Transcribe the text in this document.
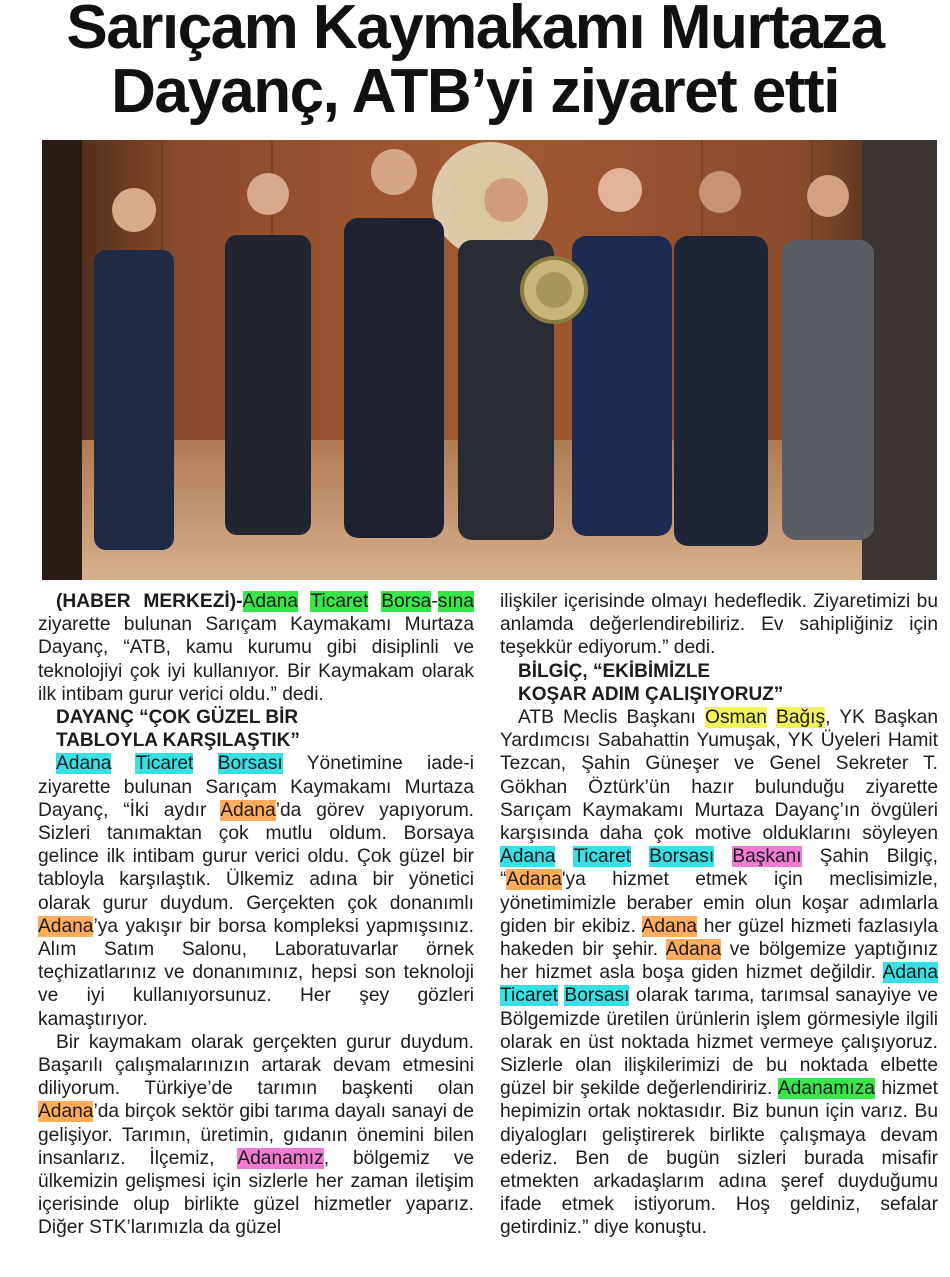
Sarıçam Kaymakamı Murtaza
Dayanç, ATB’yi ziyaret etti

(HABER MERKEZİ)-Adana Ticaret Borsa-sına ziyarette bulunan Sarıçam Kaymakamı Murtaza Dayanç, “ATB, kamu kurumu gibi disiplinli ve teknolojiyi çok iyi kullanıyor. Bir Kaymakam olarak ilk intibam gurur verici oldu.” dedi.

DAYANÇ “ÇOK GÜZEL BİR
TABLOYLA KARŞILAŞTIK”

Adana Ticaret Borsası Yönetimine iade-i ziyarette bulunan Sarıçam Kaymakamı Murtaza Dayanç, “İki aydır Adana’da görev yapıyorum. Sizleri tanımaktan çok mutlu oldum. Borsaya gelince ilk intibam gurur verici oldu. Çok güzel bir tabloyla karşılaştık. Ülkemiz adına bir yönetici olarak gurur duydum. Gerçekten çok donanımlı Adana’ya yakışır bir borsa kompleksi yapmışsınız. Alım Satım Salonu, Laboratuvarlar örnek teçhizatlarınız ve donanımınız, hepsi son teknoloji ve iyi kullanıyorsunuz. Her şey gözleri kamaştırıyor.

Bir kaymakam olarak gerçekten gurur duydum. Başarılı çalışmalarınızın artarak devam etmesini diliyorum. Türkiye’de tarımın başkenti olan Adana’da birçok sektör gibi tarıma dayalı sanayi de gelişiyor. Tarımın, üretimin, gıdanın önemini bilen insanlarız. İlçemiz, Adanamız, bölgemiz ve ülkemizin gelişmesi için sizlerle her zaman iletişim içerisinde olup birlikte güzel hizmetler yaparız. Diğer STK’larımızla da güzel

ilişkiler içerisinde olmayı hedefledik. Ziyaretimizi bu anlamda değerlendirebiliriz. Ev sahipliğiniz için teşekkür ediyorum.” dedi.

BİLGİÇ, “EKİBİMİZLE
KOŞAR ADIM ÇALIŞIYORUZ”

ATB Meclis Başkanı Osman Bağış, YK Başkan Yardımcısı Sabahattin Yumuşak, YK Üyeleri Hamit Tezcan, Şahin Güneşer ve Genel Sekreter T. Gökhan Öztürk’ün hazır bulunduğu ziyarette Sarıçam Kaymakamı Murtaza Dayanç’ın övgüleri karşısında daha çok motive olduklarını söyleyen Adana Ticaret Borsası Başkanı Şahin Bilgiç, “Adana'ya hizmet etmek için meclisimizle, yönetimimizle beraber emin olun koşar adımlarla giden bir ekibiz. Adana her güzel hizmeti fazlasıyla hakeden bir şehir. Adana ve bölgemize yaptığınız her hizmet asla boşa giden hizmet değildir. Adana Ticaret Borsası olarak tarıma, tarımsal sanayiye ve Bölgemizde üretilen ürünlerin işlem görmesiyle ilgili olarak en üst noktada hizmet vermeye çalışıyoruz. Sizlerle olan ilişkilerimizi de bu noktada elbette güzel bir şekilde değerlendiririz. Adanamıza hizmet hepimizin ortak noktasıdır. Biz bunun için varız. Bu diyalogları geliştirerek birlikte çalışmaya devam ederiz. Ben de bugün sizleri burada misafir etmekten arkadaşlarım adına şeref duyduğumu ifade etmek istiyorum. Hoş geldiniz, sefalar getirdiniz.” diye konuştu.
